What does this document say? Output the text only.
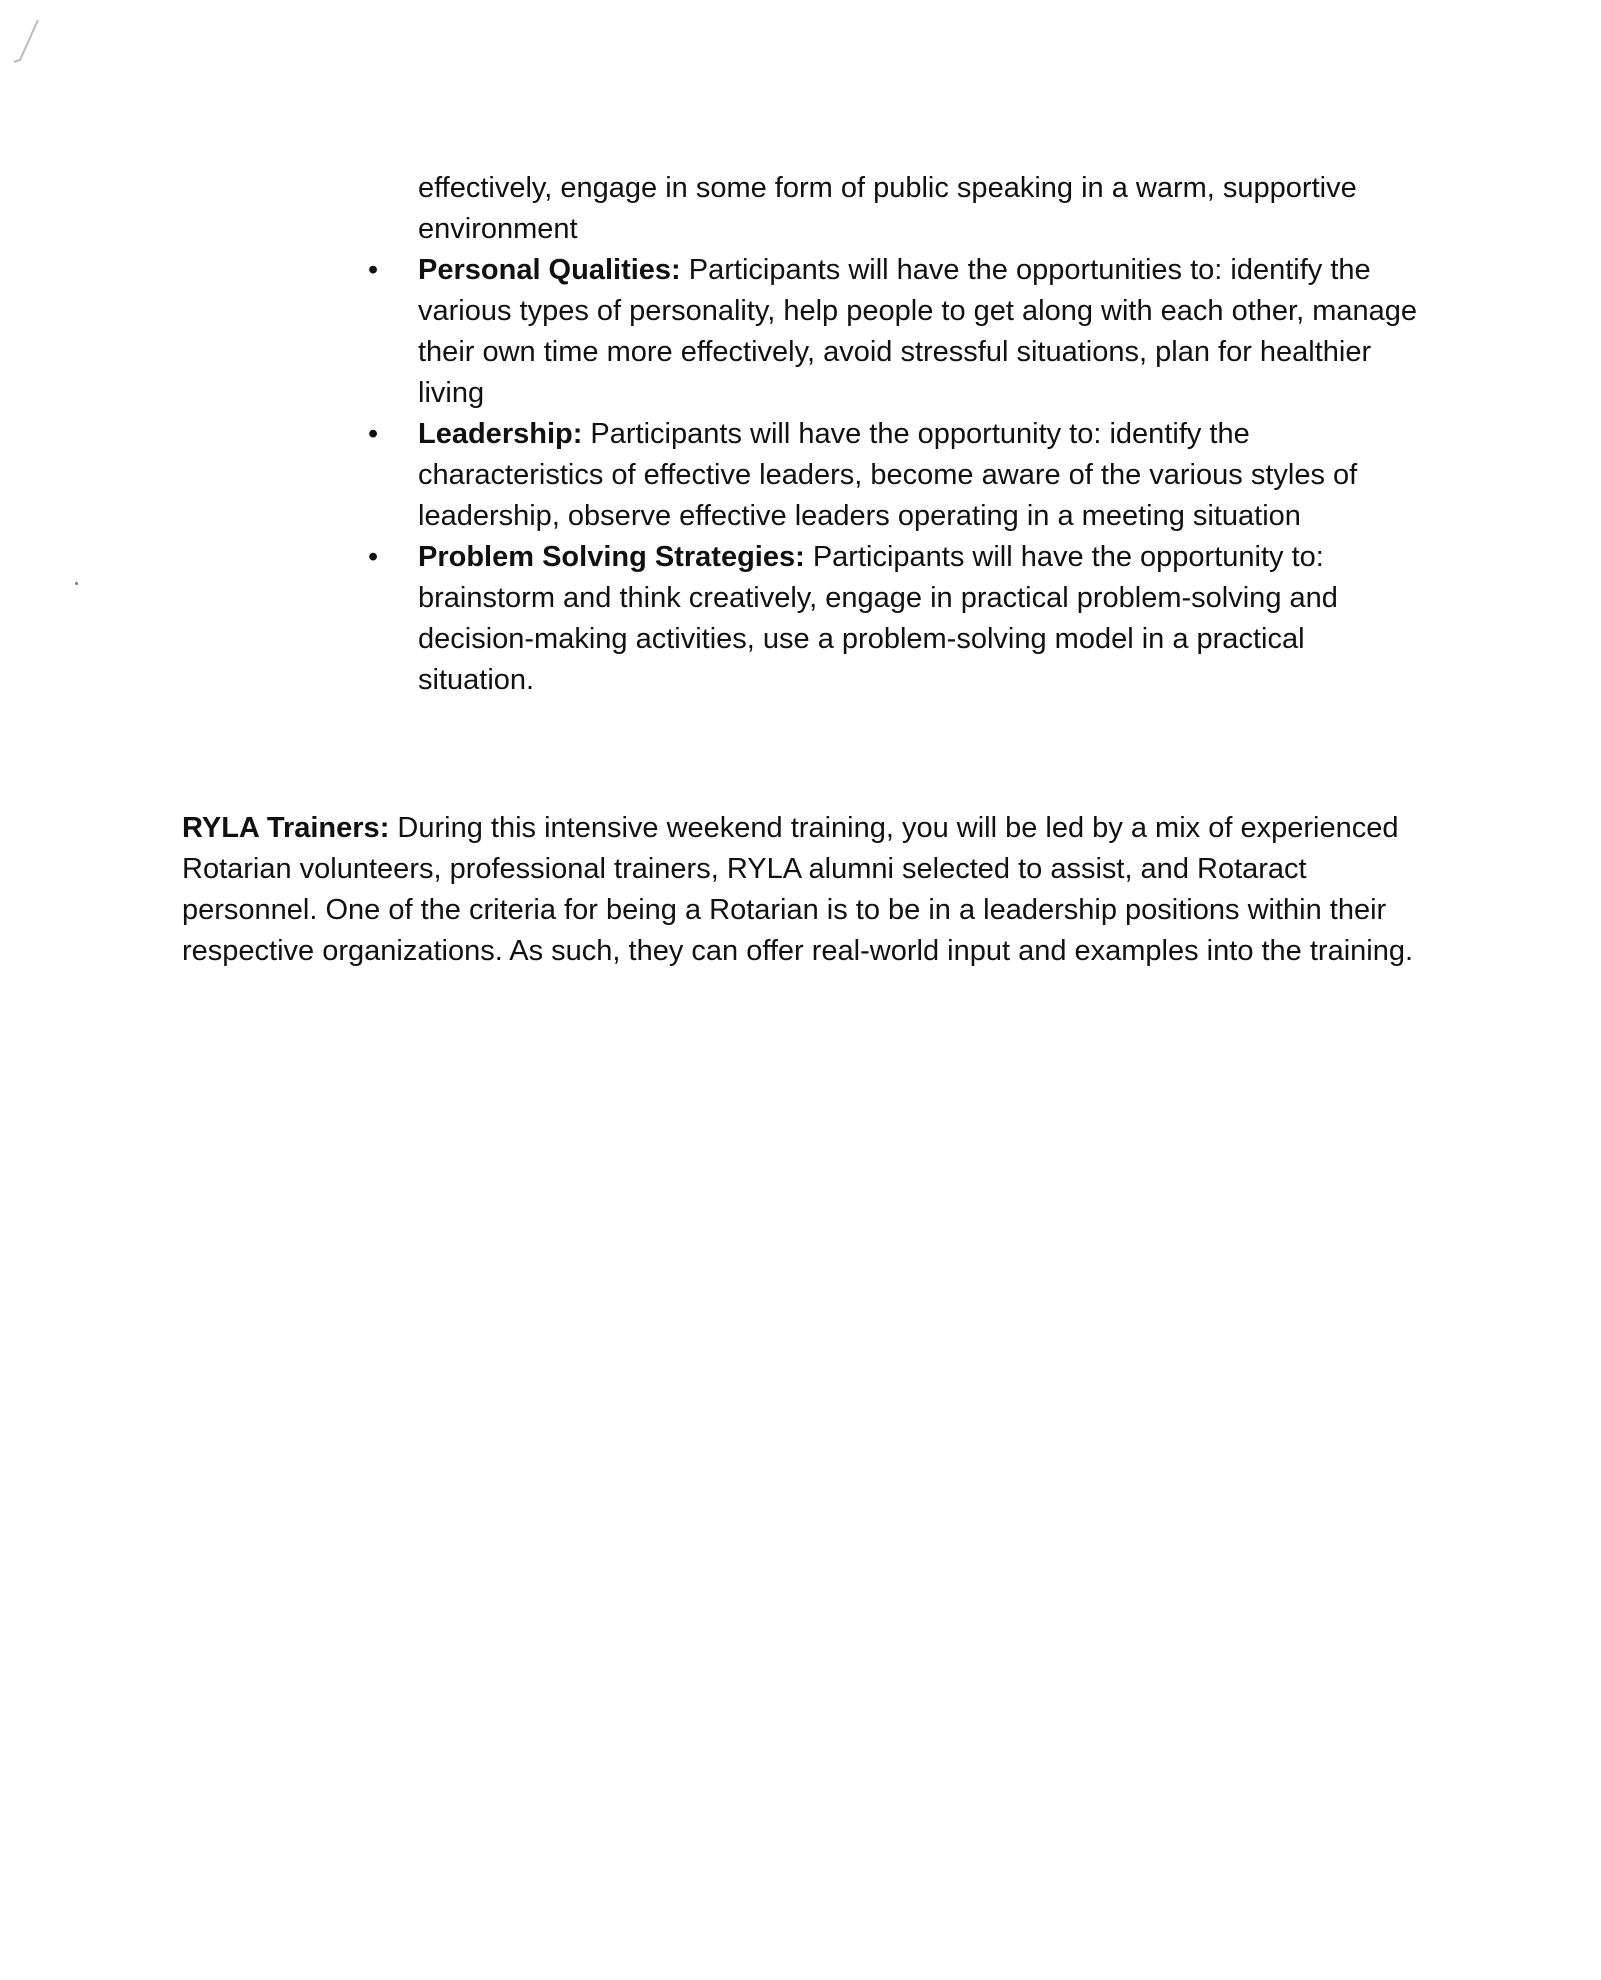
effectively, engage in some form of public speaking in a warm, supportive environment

• Personal Qualities: Participants will have the opportunities to: identify the various types of personality, help people to get along with each other, manage their own time more effectively, avoid stressful situations, plan for healthier living
• Leadership: Participants will have the opportunity to: identify the characteristics of effective leaders, become aware of the various styles of leadership, observe effective leaders operating in a meeting situation
• Problem Solving Strategies: Participants will have the opportunity to: brainstorm and think creatively, engage in practical problem-solving and decision-making activities, use a problem-solving model in a practical situation.

RYLA Trainers: During this intensive weekend training, you will be led by a mix of experienced Rotarian volunteers, professional trainers, RYLA alumni selected to assist, and Rotaract personnel. One of the criteria for being a Rotarian is to be in a leadership positions within their respective organizations. As such, they can offer real-world input and examples into the training.
